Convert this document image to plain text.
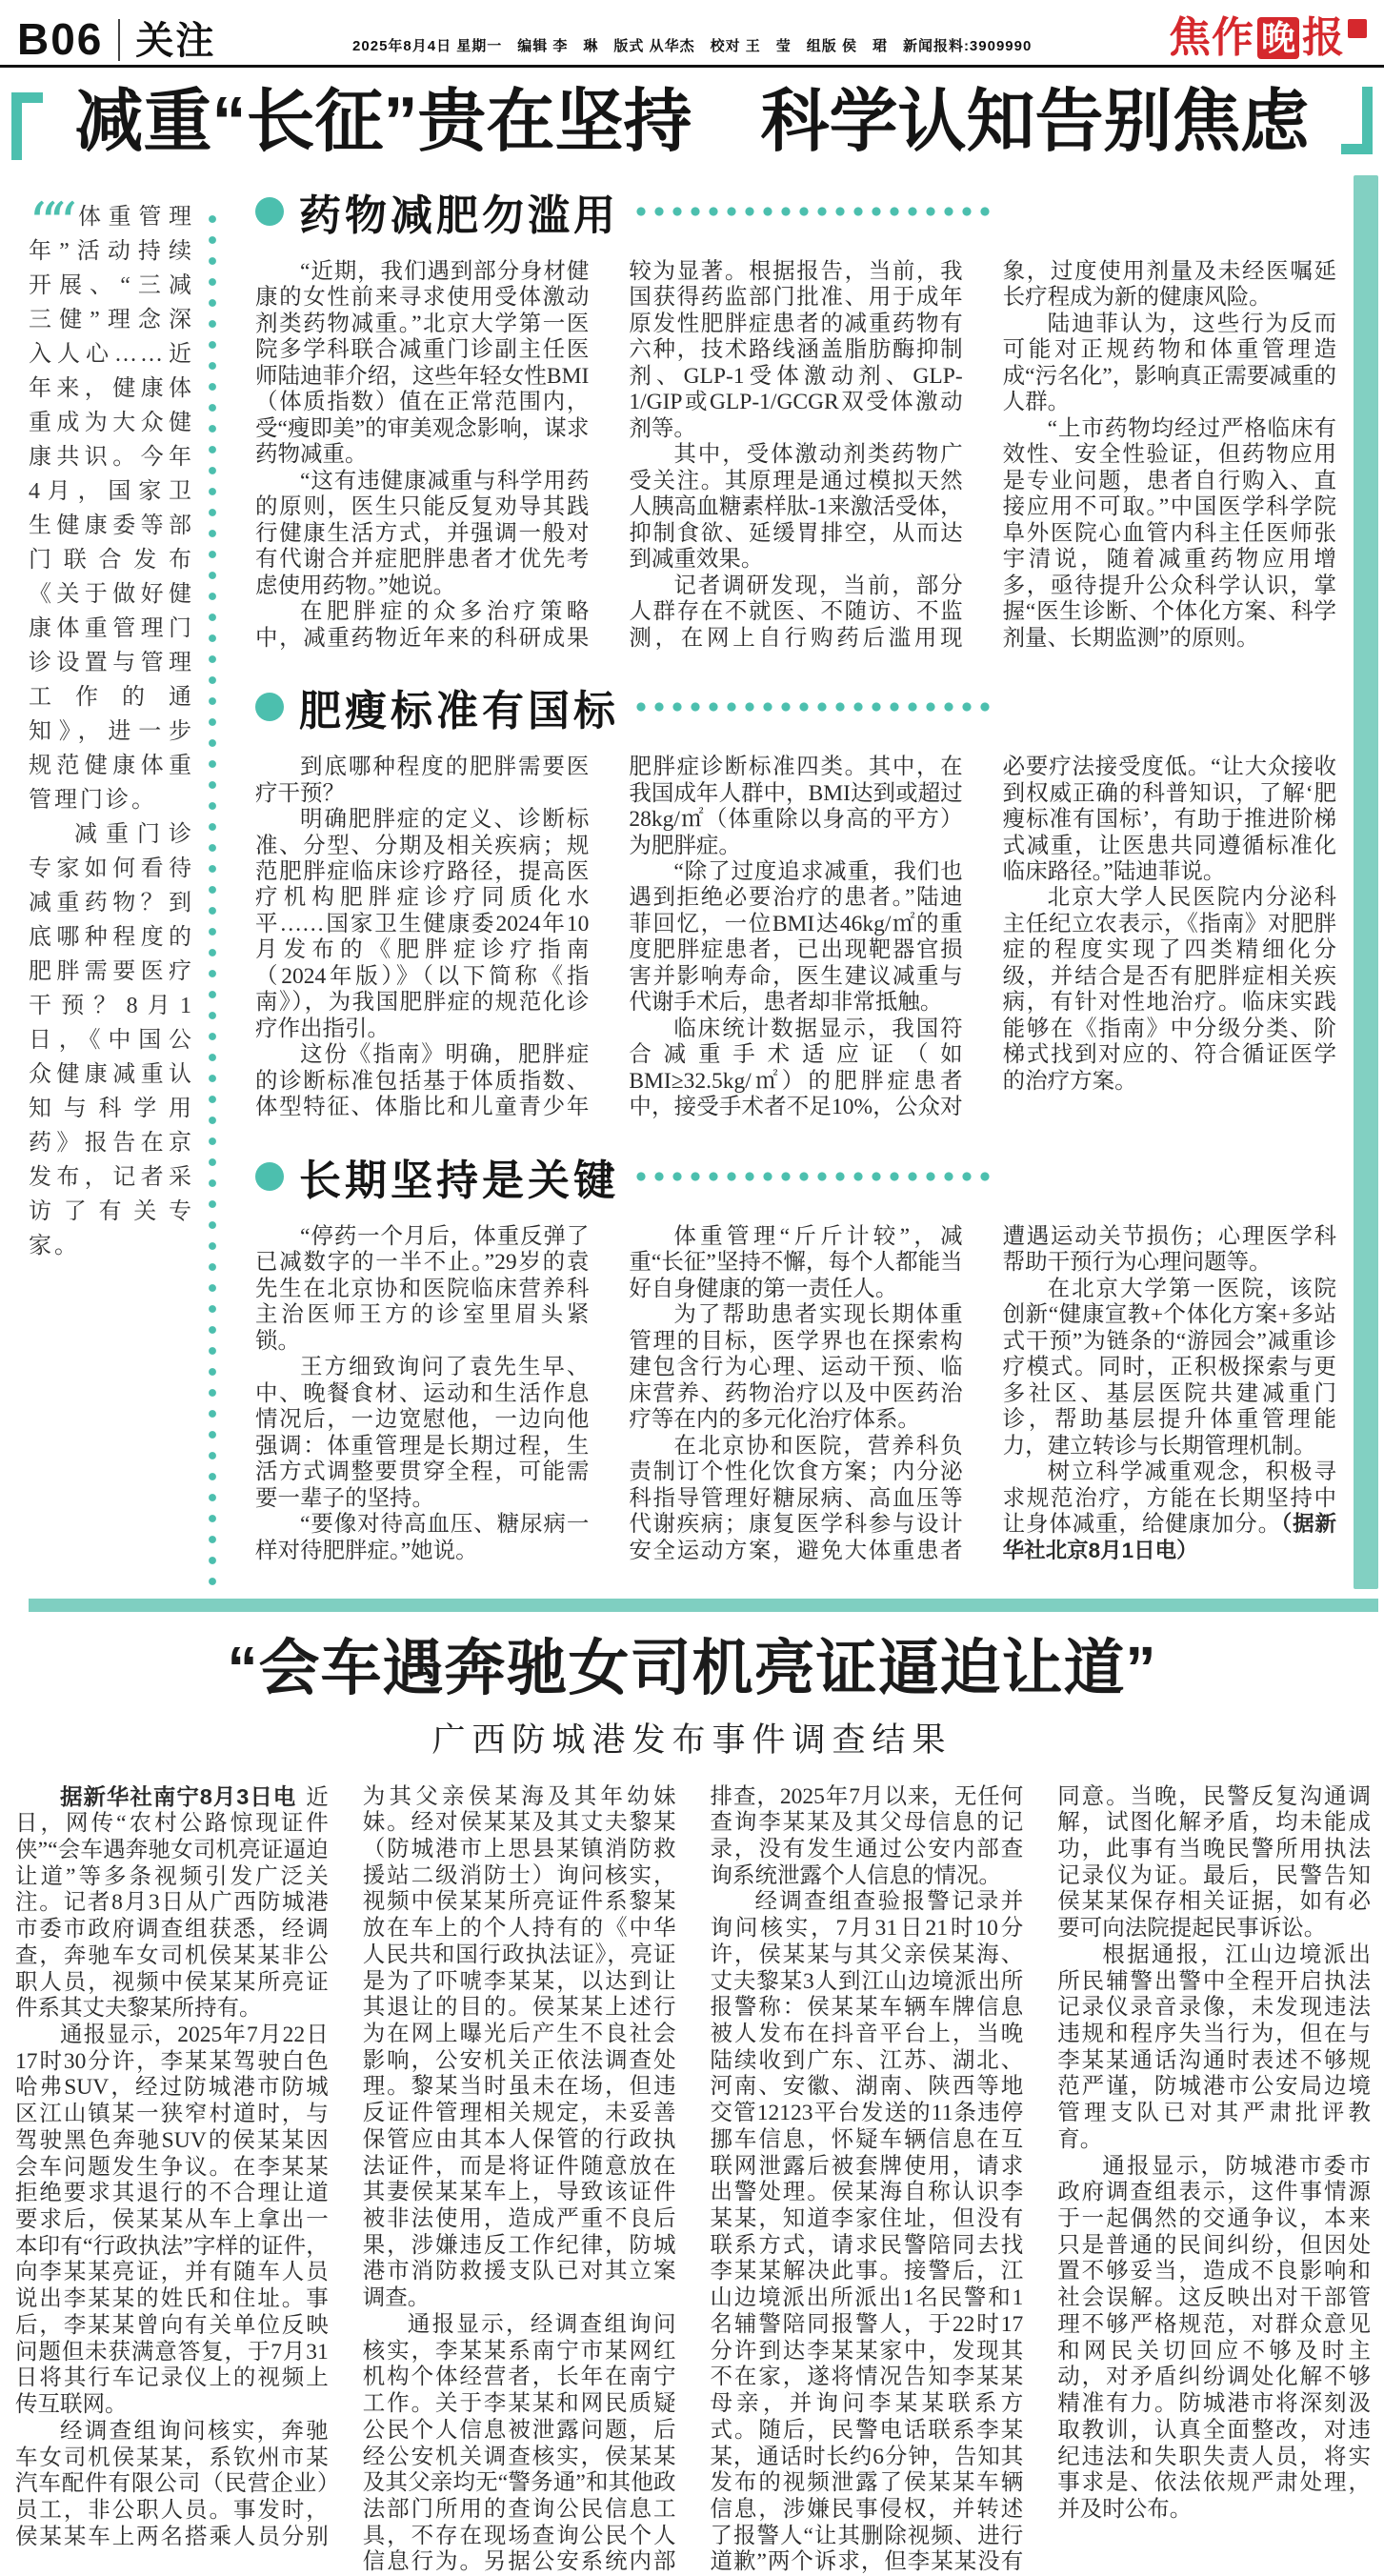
B06 关注	2025年8月4日 星期一　编辑 李　琳　版式 从华杰　校对 王　莹　组版 侯　珺　新闻报料:3909990	焦作 晚 报
减重“长征”贵在坚持　科学认知告别焦虑

““ 体重管理年”活动持续开展、“三减三健”理念深入人心……近年来，健康体重成为大众健康共识。今年4月，国家卫生健康委等部门联合发布《关于做好健康体重管理门诊设置与管理工作的通知》，进一步规范健康体重管理门诊。

减重门诊专家如何看待减重药物？到底哪种程度的肥胖需要医疗干预？8月1日，《中国公众健康减重认知与科学用药》报告在京发布，记者采访了有关专家。

药物减肥勿滥用

“近期，我们遇到部分身材健康的女性前来寻求使用受体激动剂类药物减重。”北京大学第一医院多学科联合减重门诊副主任医师陆迪菲介绍，这些年轻女性BMI（体质指数）值在正常范围内，受“瘦即美”的审美观念影响，谋求药物减重。

“这有违健康减重与科学用药的原则，医生只能反复劝导其践行健康生活方式，并强调一般对有代谢合并症肥胖患者才优先考虑使用药物。”她说。

在肥胖症的众多治疗策略中，减重药物近年来的科研成果较为显著。根据报告，当前，我国获得药监部门批准、用于成年原发性肥胖症患者的减重药物有六种，技术路线涵盖脂肪酶抑制剂、GLP-1受体激动剂、GLP-1/GIP或GLP-1/GCGR双受体激动剂等。

其中，受体激动剂类药物广受关注。其原理是通过模拟天然人胰高血糖素样肽-1来激活受体，抑制食欲、延缓胃排空，从而达到减重效果。

记者调研发现，当前，部分人群存在不就医、不随访、不监测，在网上自行购药后滥用现象，过度使用剂量及未经医嘱延长疗程成为新的健康风险。

陆迪菲认为，这些行为反而可能对正规药物和体重管理造成“污名化”，影响真正需要减重的人群。

“上市药物均经过严格临床有效性、安全性验证，但药物应用是专业问题，患者自行购入、直接应用不可取。”中国医学科学院阜外医院心血管内科主任医师张宇清说，随着减重药物应用增多，亟待提升公众科学认识，掌握“医生诊断、个体化方案、科学剂量、长期监测”的原则。

肥瘦标准有国标

到底哪种程度的肥胖需要医疗干预？

明确肥胖症的定义、诊断标准、分型、分期及相关疾病；规范肥胖症临床诊疗路径，提高医疗机构肥胖症诊疗同质化水平……国家卫生健康委2024年10月发布的《肥胖症诊疗指南（2024年版）》（以下简称《指南》），为我国肥胖症的规范化诊疗作出指引。

这份《指南》明确，肥胖症的诊断标准包括基于体质指数、体型特征、体脂比和儿童青少年肥胖症诊断标准四类。其中，在我国成年人群中，BMI达到或超过28kg/㎡（体重除以身高的平方）为肥胖症。

“除了过度追求减重，我们也遇到拒绝必要治疗的患者。”陆迪菲回忆，一位BMI达46kg/㎡的重度肥胖症患者，已出现靶器官损害并影响寿命，医生建议减重与代谢手术后，患者却非常抵触。

临床统计数据显示，我国符合减重手术适应证（如BMI≥32.5kg/㎡）的肥胖症患者中，接受手术者不足10%，公众对必要疗法接受度低。“让大众接收到权威正确的科普知识，了解‘肥瘦标准有国标’，有助于推进阶梯式减重，让医患共同遵循标准化临床路径。”陆迪菲说。

北京大学人民医院内分泌科主任纪立农表示，《指南》对肥胖症的程度实现了四类精细化分级，并结合是否有肥胖症相关疾病，有针对性地治疗。临床实践能够在《指南》中分级分类、阶梯式找到对应的、符合循证医学的治疗方案。

长期坚持是关键

“停药一个月后，体重反弹了已减数字的一半不止。”29岁的袁先生在北京协和医院临床营养科主治医师王方的诊室里眉头紧锁。

王方细致询问了袁先生早、中、晚餐食材、运动和生活作息情况后，一边宽慰他，一边向他强调：体重管理是长期过程，生活方式调整要贯穿全程，可能需要一辈子的坚持。

“要像对待高血压、糖尿病一样对待肥胖症。”她说。

体重管理“斤斤计较”，减重“长征”坚持不懈，每个人都能当好自身健康的第一责任人。

为了帮助患者实现长期体重管理的目标，医学界也在探索构建包含行为心理、运动干预、临床营养、药物治疗以及中医药治疗等在内的多元化治疗体系。

在北京协和医院，营养科负责制订个性化饮食方案；内分泌科指导管理好糖尿病、高血压等代谢疾病；康复医学科参与设计安全运动方案，避免大体重患者遭遇运动关节损伤；心理医学科帮助干预行为心理问题等。

在北京大学第一医院，该院创新“健康宣教+个体化方案+多站式干预”为链条的“游园会”减重诊疗模式。同时，正积极探索与更多社区、基层医院共建减重门诊，帮助基层提升体重管理能力，建立转诊与长期管理机制。

树立科学减重观念，积极寻求规范治疗，方能在长期坚持中让身体减重，给健康加分。（据新华社北京8月1日电）

“会车遇奔驰女司机亮证逼迫让道”
广西防城港发布事件调查结果

据新华社南宁8月3日电 近日，网传“农村公路惊现证件侠”“会车遇奔驰女司机亮证逼迫让道”等多条视频引发广泛关注。记者8月3日从广西防城港市委市政府调查组获悉，经调查，奔驰车女司机侯某某非公职人员，视频中侯某某所亮证件系其丈夫黎某所持有。

通报显示，2025年7月22日17时30分许，李某某驾驶白色哈弗SUV，经过防城港市防城区江山镇某一狭窄村道时，与驾驶黑色奔驰SUV的侯某某因会车问题发生争议。在李某某拒绝要求其退行的不合理让道要求后，侯某某从车上拿出一本印有“行政执法”字样的证件，向李某某亮证，并有随车人员说出李某某的姓氏和住址。事后，李某某曾向有关单位反映问题但未获满意答复，于7月31日将其行车记录仪上的视频上传互联网。

经调查组询问核实，奔驰车女司机侯某某，系钦州市某汽车配件有限公司（民营企业）员工，非公职人员。事发时，侯某某车上两名搭乘人员分别为其父亲侯某海及其年幼妹妹。经对侯某某及其丈夫黎某（防城港市上思县某镇消防救援站二级消防士）询问核实，视频中侯某某所亮证件系黎某放在车上的个人持有的《中华人民共和国行政执法证》，亮证是为了吓唬李某某，以达到让其退让的目的。侯某某上述行为在网上曝光后产生不良社会影响，公安机关正依法调查处理。黎某当时虽未在场，但违反证件管理相关规定，未妥善保管应由其本人保管的行政执法证件，而是将证件随意放在其妻侯某某车上，导致该证件被非法使用，造成严重不良后果，涉嫌违反工作纪律，防城港市消防救援支队已对其立案调查。

通报显示，经调查组询问核实，李某某系南宁市某网红机构个体经营者，长年在南宁工作。关于李某某和网民质疑公民个人信息被泄露问题，后经公安机关调查核实，侯某某及其父亲均无“警务通”和其他政法部门所用的查询公民信息工具，不存在现场查询公民个人信息行为。另据公安系统内部排查，2025年7月以来，无任何查询李某某及其父母信息的记录，没有发生通过公安内部查询系统泄露个人信息的情况。

经调查组查验报警记录并询问核实，7月31日21时10分许，侯某某与其父亲侯某海、丈夫黎某3人到江山边境派出所报警称：侯某某车辆车牌信息被人发布在抖音平台上，当晚陆续收到广东、江苏、湖北、河南、安徽、湖南、陕西等地交管12123平台发送的11条违停挪车信息，怀疑车辆信息在互联网泄露后被套牌使用，请求出警处理。侯某海自称认识李某某，知道李家住址，但没有联系方式，请求民警陪同去找李某某解决此事。接警后，江山边境派出所派出1名民警和1名辅警陪同报警人，于22时17分许到达李某某家中，发现其不在家，遂将情况告知李某某母亲，并询问李某某联系方式。随后，民警电话联系李某某，通话时长约6分钟，告知其发布的视频泄露了侯某某车辆信息，涉嫌民事侵权，并转述了报警人“让其删除视频、进行道歉”两个诉求，但李某某没有同意。当晚，民警反复沟通调解，试图化解矛盾，均未能成功，此事有当晚民警所用执法记录仪为证。最后，民警告知侯某某保存相关证据，如有必要可向法院提起民事诉讼。

根据通报，江山边境派出所民辅警出警中全程开启执法记录仪录音录像，未发现违法违规和程序失当行为，但在与李某某通话沟通时表述不够规范严谨，防城港市公安局边境管理支队已对其严肃批评教育。

通报显示，防城港市委市政府调查组表示，这件事情源于一起偶然的交通争议，本来只是普通的民间纠纷，但因处置不够妥当，造成不良影响和社会误解。这反映出对干部管理不够严格规范，对群众意见和网民关切回应不够及时主动，对矛盾纠纷调处化解不够精准有力。防城港市将深刻汲取教训，认真全面整改，对违纪违法和失职失责人员，将实事求是、依法依规严肃处理，并及时公布。
